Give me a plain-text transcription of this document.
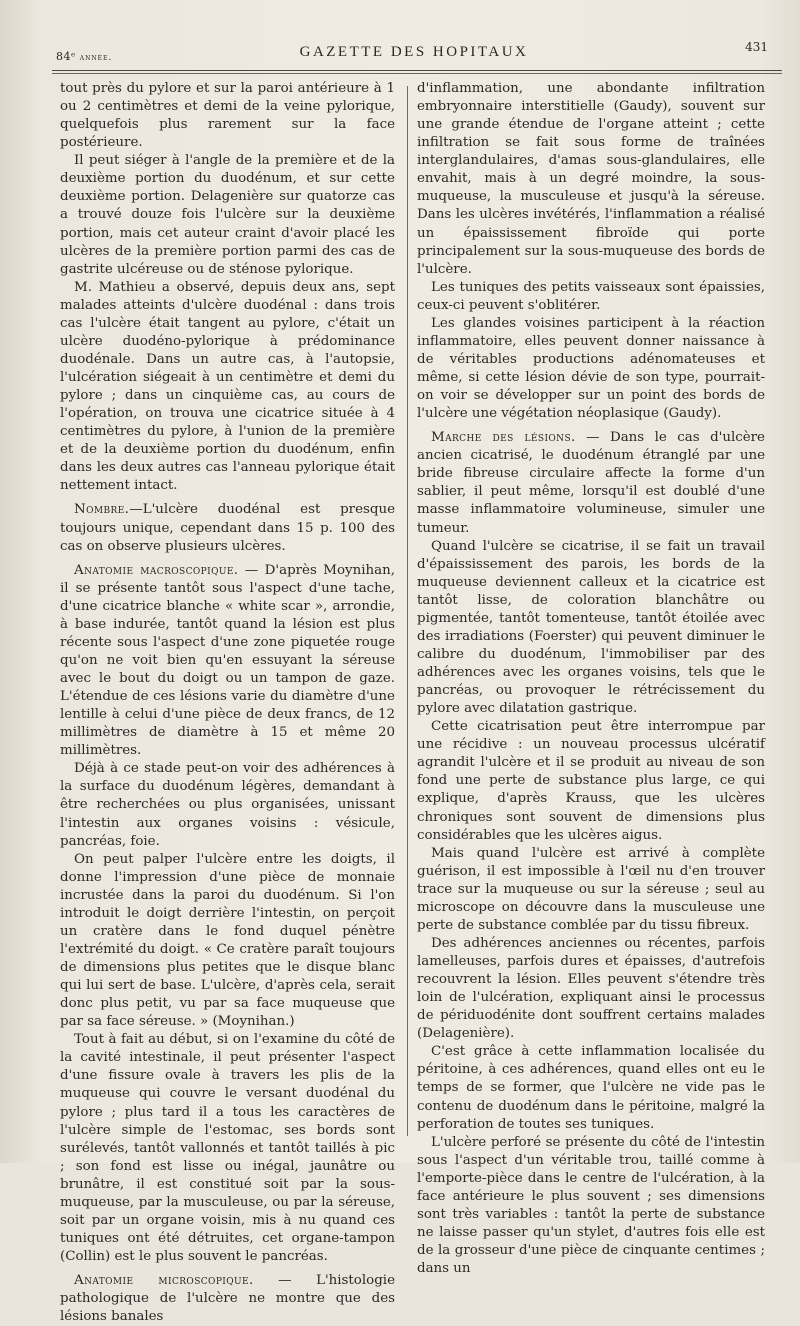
84ᵉ année.	GAZETTE DES HOPITAUX	431

tout près du pylore et sur la paroi antérieure à 1 ou 2 centimètres et demi de la veine pylorique, quelquefois plus rarement sur la face postérieure.

Il peut siéger à l'angle de la première et de la deuxième portion du duodénum, et sur cette deuxième portion. Delagenière sur quatorze cas a trouvé douze fois l'ulcère sur la deuxième portion, mais cet auteur craint d'avoir placé les ulcères de la première portion parmi des cas de gastrite ulcéreuse ou de sténose pylorique.

M. Mathieu a observé, depuis deux ans, sept malades atteints d'ulcère duodénal : dans trois cas l'ulcère était tangent au pylore, c'était un ulcère duodéno-pylorique à prédominance duodénale. Dans un autre cas, à l'autopsie, l'ulcération siégeait à un centimètre et demi du pylore ; dans un cinquième cas, au cours de l'opération, on trouva une cicatrice située à 4 centimètres du pylore, à l'union de la première et de la deuxième portion du duodénum, enfin dans les deux autres cas l'anneau pylorique était nettement intact.

Nombre.—L'ulcère duodénal est presque toujours unique, cependant dans 15 p. 100 des cas on observe plusieurs ulcères.

Anatomie macroscopique. — D'après Moynihan, il se présente tantôt sous l'aspect d'une tache, d'une cicatrice blanche « white scar », arrondie, à base indurée, tantôt quand la lésion est plus récente sous l'aspect d'une zone piquetée rouge qu'on ne voit bien qu'en essuyant la séreuse avec le bout du doigt ou un tampon de gaze. L'étendue de ces lésions varie du diamètre d'une lentille à celui d'une pièce de deux francs, de 12 millimètres de diamètre à 15 et même 20 millimètres.

Déjà à ce stade peut-on voir des adhérences à la surface du duodénum légères, demandant à être recherchées ou plus organisées, unissant l'intestin aux organes voisins : vésicule, pancréas, foie.

On peut palper l'ulcère entre les doigts, il donne l'impression d'une pièce de monnaie incrustée dans la paroi du duodénum. Si l'on introduit le doigt derrière l'intestin, on perçoit un cratère dans le fond duquel pénètre l'extrémité du doigt. « Ce cratère paraît toujours de dimensions plus petites que le disque blanc qui lui sert de base. L'ulcère, d'après cela, serait donc plus petit, vu par sa face muqueuse que par sa face séreuse. » (Moynihan.)

Tout à fait au début, si on l'examine du côté de la cavité intestinale, il peut présenter l'aspect d'une fissure ovale à travers les plis de la muqueuse qui couvre le versant duodénal du pylore ; plus tard il a tous les caractères de l'ulcère simple de l'estomac, ses bords sont surélevés, tantôt vallonnés et tantôt taillés à pic ; son fond est lisse ou inégal, jaunâtre ou brunâtre, il est constitué soit par la sous-muqueuse, par la musculeuse, ou par la séreuse, soit par un organe voisin, mis à nu quand ces tuniques ont été détruites, cet organe-tampon (Collin) est le plus souvent le pancréas.

Anatomie microscopique. — L'histologie pathologique de l'ulcère ne montre que des lésions banales

d'inflammation, une abondante infiltration embryonnaire interstitielle (Gaudy), souvent sur une grande étendue de l'organe atteint ; cette infiltration se fait sous forme de traînées interglandulaires, d'amas sous-glandulaires, elle envahit, mais à un degré moindre, la sous-muqueuse, la musculeuse et jusqu'à la séreuse. Dans les ulcères invétérés, l'inflammation a réalisé un épaississement fibroïde qui porte principalement sur la sous-muqueuse des bords de l'ulcère.

Les tuniques des petits vaisseaux sont épaissies, ceux-ci peuvent s'oblitérer.

Les glandes voisines participent à la réaction inflammatoire, elles peuvent donner naissance à de véritables productions adénomateuses et même, si cette lésion dévie de son type, pourrait-on voir se développer sur un point des bords de l'ulcère une végétation néoplasique (Gaudy).

Marche des lésions. — Dans le cas d'ulcère ancien cicatrisé, le duodénum étranglé par une bride fibreuse circulaire affecte la forme d'un sablier, il peut même, lorsqu'il est doublé d'une masse inflammatoire volumineuse, simuler une tumeur.

Quand l'ulcère se cicatrise, il se fait un travail d'épaississement des parois, les bords de la muqueuse deviennent calleux et la cicatrice est tantôt lisse, de coloration blanchâtre ou pigmentée, tantôt tomenteuse, tantôt étoilée avec des irradiations (Foerster) qui peuvent diminuer le calibre du duodénum, l'immobiliser par des adhérences avec les organes voisins, tels que le pancréas, ou provoquer le rétrécissement du pylore avec dilatation gastrique.

Cette cicatrisation peut être interrompue par une récidive : un nouveau processus ulcératif agrandit l'ulcère et il se produit au niveau de son fond une perte de substance plus large, ce qui explique, d'après Krauss, que les ulcères chroniques sont souvent de dimensions plus considérables que les ulcères aigus.

Mais quand l'ulcère est arrivé à complète guérison, il est impossible à l'œil nu d'en trouver trace sur la muqueuse ou sur la séreuse ; seul au microscope on découvre dans la musculeuse une perte de substance comblée par du tissu fibreux.

Des adhérences anciennes ou récentes, parfois lamelleuses, parfois dures et épaisses, d'autrefois recouvrent la lésion. Elles peuvent s'étendre très loin de l'ulcération, expliquant ainsi le processus de périduodénite dont souffrent certains malades (Delagenière).

C'est grâce à cette inflammation localisée du péritoine, à ces adhérences, quand elles ont eu le temps de se former, que l'ulcère ne vide pas le contenu de duodénum dans le péritoine, malgré la perforation de toutes ses tuniques.

L'ulcère perforé se présente du côté de l'intestin sous l'aspect d'un véritable trou, taillé comme à l'emporte-pièce dans le centre de l'ulcération, à la face antérieure le plus souvent ; ses dimensions sont très variables : tantôt la perte de substance ne laisse passer qu'un stylet, d'autres fois elle est de la grosseur d'une pièce de cinquante centimes ; dans un
